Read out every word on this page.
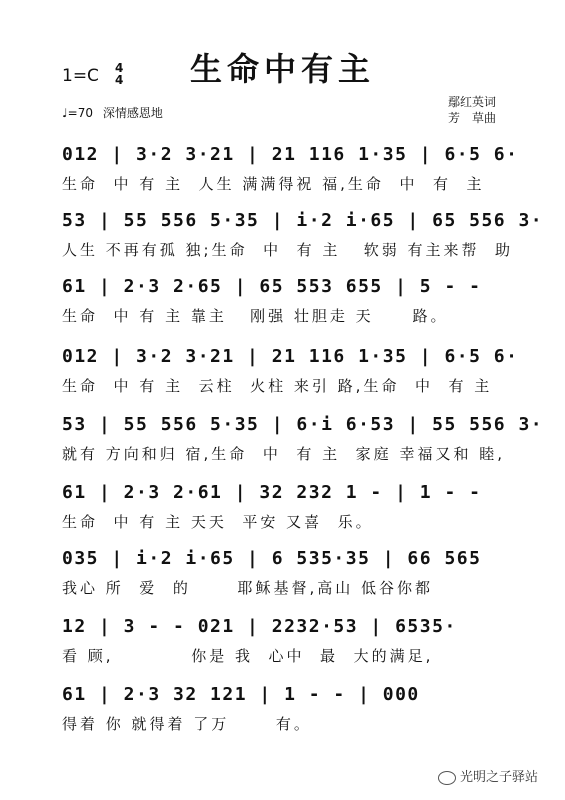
生命中有主
1=C 4
4
♩=70 深情感恩地
鄢红英词
芳　草曲
012 | 3·2 3·21 | 21 116 1·35 | 6·5 6·
生命  中 有 主  人生 满满得祝 福,生命  中  有  主
53 | 55 556 5·35 | i·2 i·65 | 65 556 3·
人生 不再有孤 独;生命  中  有 主   软弱 有主来帮  助
61 | 2·3 2·65 | 65 553 655 | 5 - -
生命  中 有 主 靠主   刚强 壮胆走 天     路。
012 | 3·2 3·21 | 21 116 1·35 | 6·5 6·
生命  中 有 主  云柱  火柱 来引 路,生命  中  有 主
53 | 55 556 5·35 | 6·i 6·53 | 55 556 3·
就有 方向和归 宿,生命  中  有 主  家庭 幸福又和 睦,
61 | 2·3 2·61 | 32 232 1 - | 1 - -
生命  中 有 主 天天  平安 又喜  乐。
035 | i·2 i·65 | 6 535·35 | 66 565
我心 所  爱  的      耶稣基督,高山 低谷你都
12 | 3 - - 021 | 2232·53 | 6535·
看 顾,          你是 我  心中  最  大的满足,
61 | 2·3 32 121 | 1 - - | 000
得着 你 就得着 了万      有。
光明之子驿站
